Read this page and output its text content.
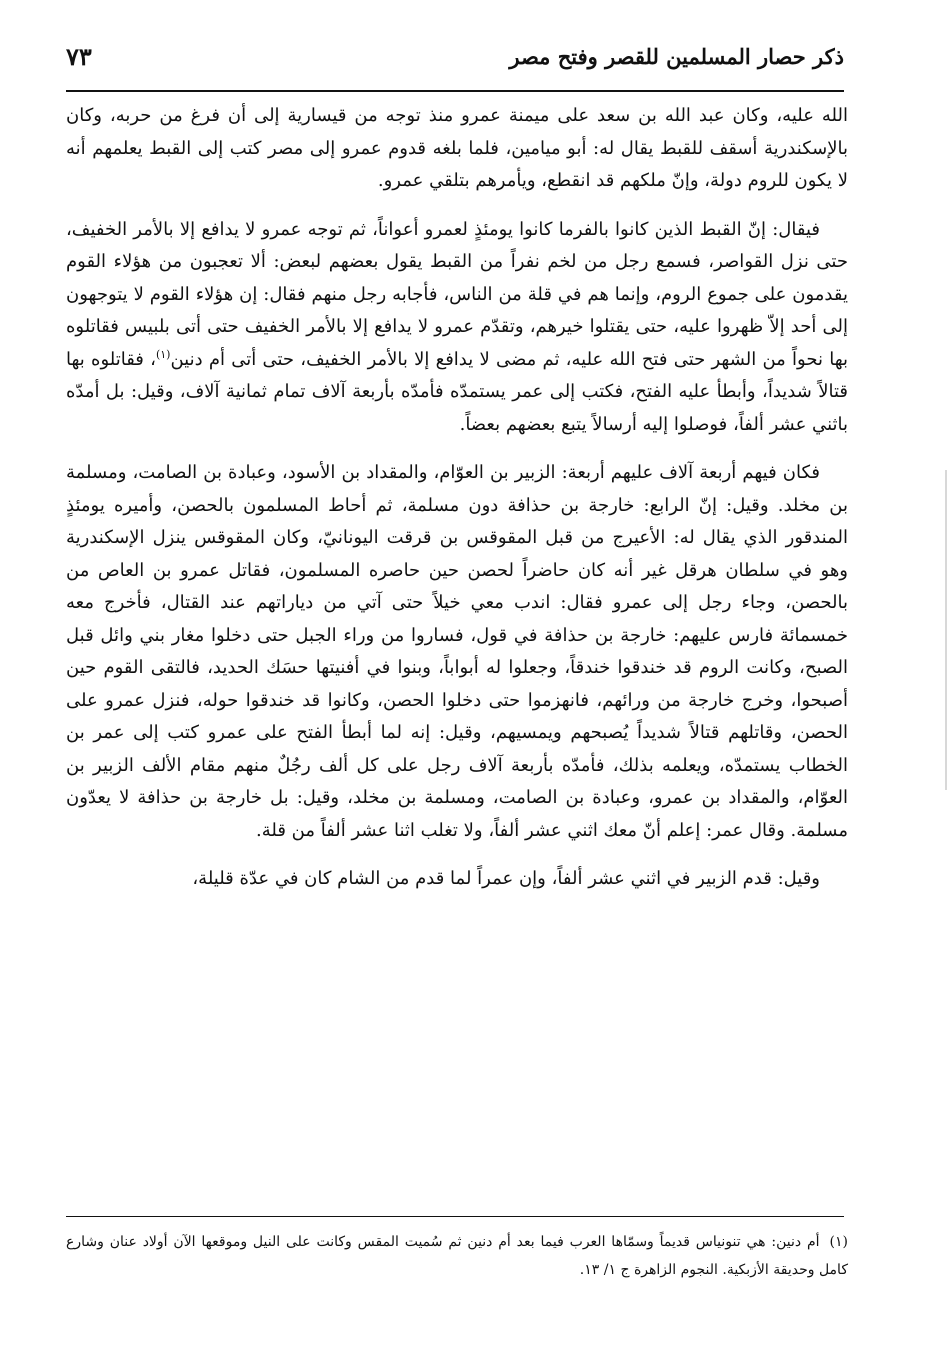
ذكر حصار المسلمين للقصر وفتح مصر
٧٣

الله عليه، وكان عبد الله بن سعد على ميمنة عمرو منذ توجه من قيسارية إلى أن فرغ من حربه، وكان بالإسكندرية أسقف للقبط يقال له: أبو ميامين، فلما بلغه قدوم عمرو إلى مصر كتب إلى القبط يعلمهم أنه لا يكون للروم دولة، وإنّ ملكهم قد انقطع، ويأمرهم بتلقي عمرو.

فيقال: إنّ القبط الذين كانوا بالفرما كانوا يومئذٍ لعمرو أعواناً، ثم توجه عمرو لا يدافع إلا بالأمر الخفيف، حتى نزل القواصر، فسمع رجل من لخم نفراً من القبط يقول بعضهم لبعض: ألا تعجبون من هؤلاء القوم يقدمون على جموع الروم، وإنما هم في قلة من الناس، فأجابه رجل منهم فقال: إن هؤلاء القوم لا يتوجهون إلى أحد إلاّ ظهروا عليه، حتى يقتلوا خيرهم، وتقدّم عمرو لا يدافع إلا بالأمر الخفيف حتى أتى بلبيس فقاتلوه بها نحواً من الشهر حتى فتح الله عليه، ثم مضى لا يدافع إلا بالأمر الخفيف، حتى أتى أم دنين$^{(١)}$، فقاتلوه بها قتالاً شديداً، وأبطأ عليه الفتح، فكتب إلى عمر يستمدّه فأمدّه بأربعة آلاف تمام ثمانية آلاف، وقيل: بل أمدّه باثني عشر ألفاً، فوصلوا إليه أرسالاً يتبع بعضهم بعضاً.

فكان فيهم أربعة آلاف عليهم أربعة: الزبير بن العوّام، والمقداد بن الأسود، وعبادة بن الصامت، ومسلمة بن مخلد. وقيل: إنّ الرابع: خارجة بن حذافة دون مسلمة، ثم أحاط المسلمون بالحصن، وأميره يومئذٍ المندقور الذي يقال له: الأعيرج من قبل المقوقس بن قرقت اليونانيّ، وكان المقوقس ينزل الإسكندرية وهو في سلطان هرقل غير أنه كان حاضراً لحصن حين حاصره المسلمون، فقاتل عمرو بن العاص من بالحصن، وجاء رجل إلى عمرو فقال: اندب معي خيلاً حتى آتي من دياراتهم عند القتال، فأخرج معه خمسمائة فارس عليهم: خارجة بن حذافة في قول، فساروا من وراء الجبل حتى دخلوا مغار بني وائل قبل الصبح، وكانت الروم قد خندقوا خندقاً، وجعلوا له أبواباً، وبنوا في أفنيتها حسَك الحديد، فالتقى القوم حين أصبحوا، وخرج خارجة من ورائهم، فانهزموا حتى دخلوا الحصن، وكانوا قد خندقوا حوله، فنزل عمرو على الحصن، وقاتلهم قتالاً شديداً يُصبحهم ويمسيهم، وقيل: إنه لما أبطأ الفتح على عمرو كتب إلى عمر بن الخطاب يستمدّه، ويعلمه بذلك، فأمدّه بأربعة آلاف رجل على كل ألف رجُلٌ منهم مقام الألف الزبير بن العوّام، والمقداد بن عمرو، وعبادة بن الصامت، ومسلمة بن مخلد، وقيل: بل خارجة بن حذافة لا يعدّون مسلمة. وقال عمر: إعلم أنّ معك اثني عشر ألفاً، ولا تغلب اثنا عشر ألفاً من قلة.

وقيل: قدم الزبير في اثني عشر ألفاً، وإن عمراً لما قدم من الشام كان في عدّة قليلة،

(١)أم دنين: هي تنونياس قديماً وسمّاها العرب فيما بعد أم دنين ثم سُميت المقس وكانت على النيل وموقعها الآن أولاد عنان وشارع كامل وحديقة الأزبكية. النجوم الزاهرة ج ١/ ١٣.
